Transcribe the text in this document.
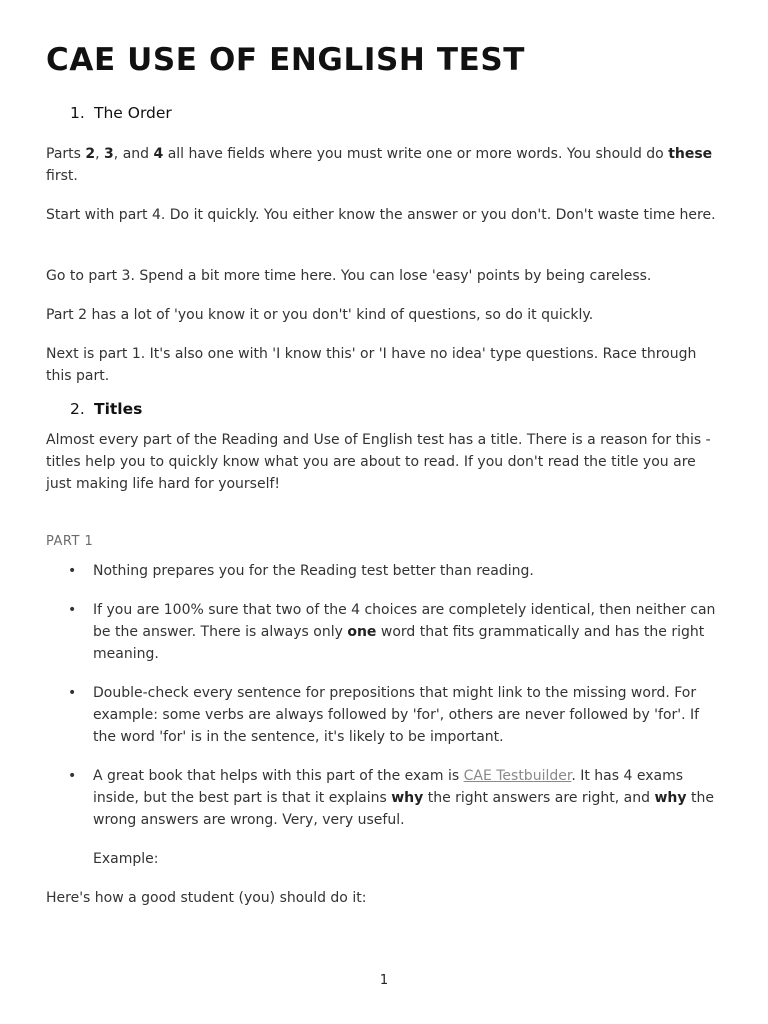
CAE USE OF ENGLISH TEST
1. The Order

Parts 2, 3, and 4 all have fields where you must write one or more words. You should do these first.

Start with part 4. Do it quickly. You either know the answer or you don't. Don't waste time here.

Go to part 3. Spend a bit more time here. You can lose 'easy' points by being careless.

Part 2 has a lot of 'you know it or you don't' kind of questions, so do it quickly.

Next is part 1. It's also one with 'I know this' or 'I have no idea' type questions. Race through this part.

2. Titles

Almost every part of the Reading and Use of English test has a title. There is a reason for this - titles help you to quickly know what you are about to read. If you don't read the title you are just making life hard for yourself!

PART 1
• Nothing prepares you for the Reading test better than reading.
• If you are 100% sure that two of the 4 choices are completely identical, then neither can be the answer. There is always only one word that fits grammatically and has the right meaning.
• Double-check every sentence for prepositions that might link to the missing word. For example: some verbs are always followed by 'for', others are never followed by 'for'. If the word 'for' is in the sentence, it's likely to be important.
• A great book that helps with this part of the exam is CAE Testbuilder. It has 4 exams inside, but the best part is that it explains why the right answers are right, and why the wrong answers are wrong. Very, very useful.
Example:

Here's how a good student (you) should do it:

1
